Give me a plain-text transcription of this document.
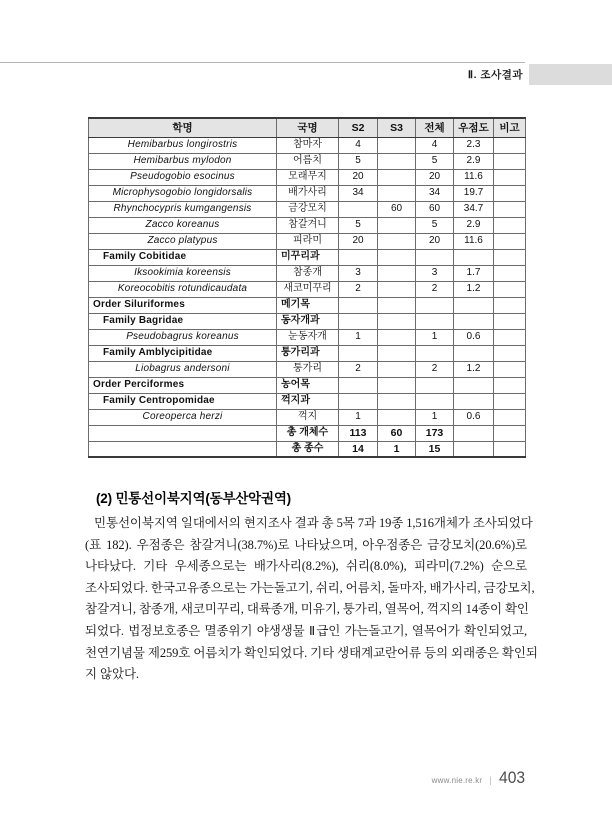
Ⅱ. 조사결과
학명	국명	S2	S3	전체	우점도	비고
Hemibarbus longirostris	참마자	4		4	2.3	
Hemibarbus mylodon	어름치	5		5	2.9	
Pseudogobio esocinus	모래무지	20		20	11.6	
Microphysogobio longidorsalis	배가사리	34		34	19.7	
Rhynchocypris kumgangensis	금강모치		60	60	34.7	
Zacco koreanus	참갈겨니	5		5	2.9	
Zacco platypus	피라미	20		20	11.6	
Family Cobitidae	미꾸리과					
Iksookimia koreensis	참종개	3		3	1.7	
Koreocobitis rotundicaudata	새코미꾸리	2		2	1.2	
Order Siluriformes	메기목					
Family Bagridae	동자개과					
Pseudobagrus koreanus	눈동자개	1		1	0.6	
Family Amblycipitidae	퉁가리과					
Liobagrus andersoni	퉁가리	2		2	1.2	
Order Perciformes	농어목					
Family Centropomidae	꺽지과					
Coreoperca herzi	꺽지	1		1	0.6	
	총 개체수	113	60	173		
	총 종수	14	1	15		
(2) 민통선이북지역(동부산악권역)
민통선이북지역 일대에서의 현지조사 결과 총 5목 7과 19종 1,516개체가 조사되었다
(표 182). 우점종은 참갈겨니(38.7%)로 나타났으며, 아우점종은 금강모치(20.6%)로
나타났다. 기타 우세종으로는 배가사리(8.2%), 쉬리(8.0%), 피라미(7.2%) 순으로
조사되었다. 한국고유종으로는 가는돌고기, 쉬리, 어름치, 돌마자, 배가사리, 금강모치,
참갈겨니, 참종개, 새코미꾸리, 대륙종개, 미유기, 퉁가리, 열목어, 꺽지의 14종이 확인
되었다. 법정보호종은 멸종위기 야생생물 Ⅱ급인 가는돌고기, 열목어가 확인되었고,
천연기념물 제259호 어름치가 확인되었다. 기타 생태계교란어류 등의 외래종은 확인되
지 않았다.
www.nie.re.kr | 403
